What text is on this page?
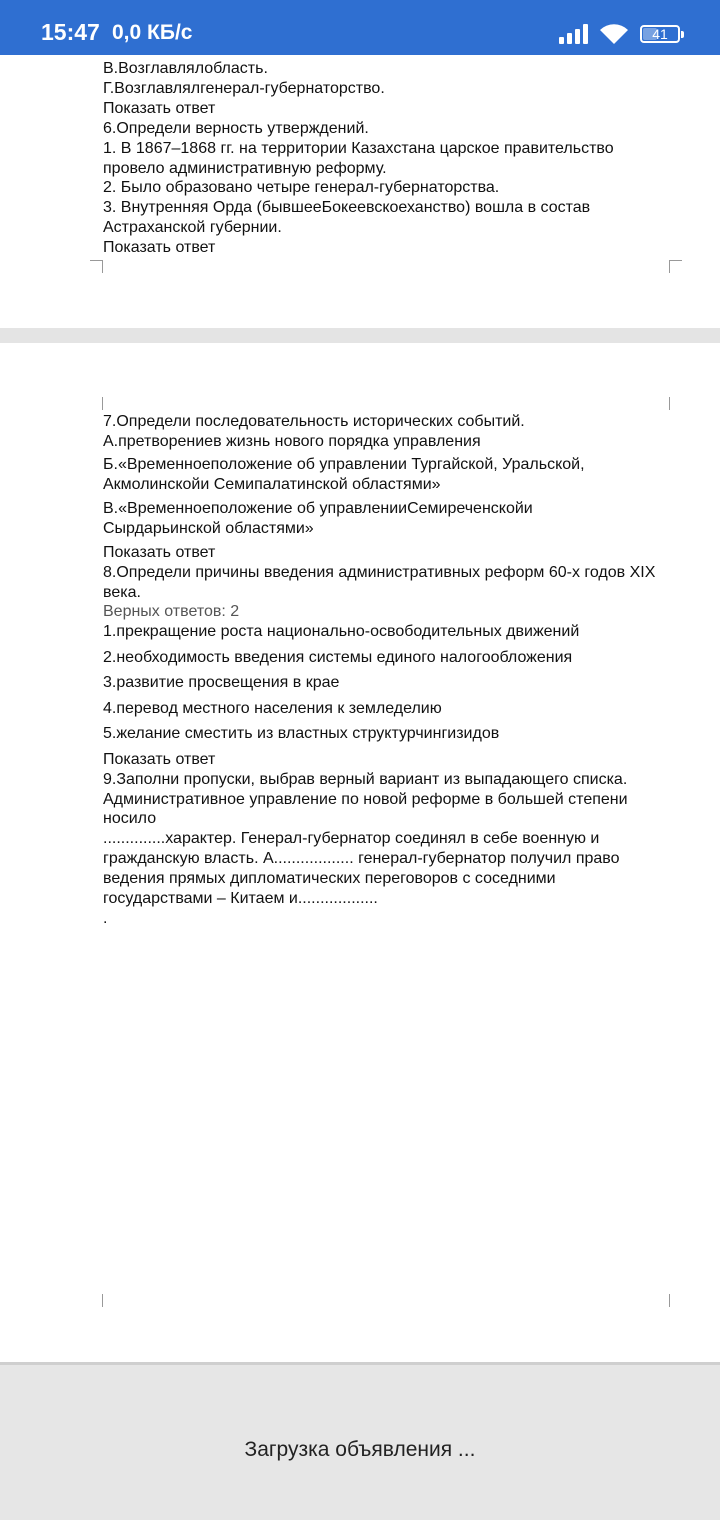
15:47 0,0 КБ/с	41
В.Возглавлялобласть.
Г.Возглавлялгенерал-губернаторство.
Показать ответ
6.Определи верность утверждений.
1. В 1867–1868 гг. на территории Казахстана царское правительство
провело административную реформу.
2. Было образовано четыре генерал-губернаторства.
3. Внутренняя Орда (бывшееБокеевскоеханство) вошла в состав
Астраханской губернии.
Показать ответ
7.Определи последовательность исторических событий.
А.претворениев жизнь нового порядка управления
Б.«Временноеположение об управлении Тургайской, Уральской,
Акмолинскойи Семипалатинской областями»
В.«Временноеположение об управленииСемиреченскойи
Сырдарьинской областями»
Показать ответ
8.Определи причины введения административных реформ 60-х годов XIX
века.
Верных ответов: 2
1.прекращение роста национально-освободительных движений
2.необходимость введения системы единого налогообложения
3.развитие просвещения в крае
4.перевод местного населения к земледелию
5.желание сместить из властных структурчингизидов
Показать ответ
9.Заполни пропуски, выбрав верный вариант из выпадающего списка.
Административное управление по новой реформе в большей степени
носило
..............характер. Генерал-губернатор соединял в себе военную и
гражданскую власть. А.................. генерал-губернатор получил право
ведения прямых дипломатических переговоров с соседними
государствами – Китаем и..................
.
Загрузка объявления ...
